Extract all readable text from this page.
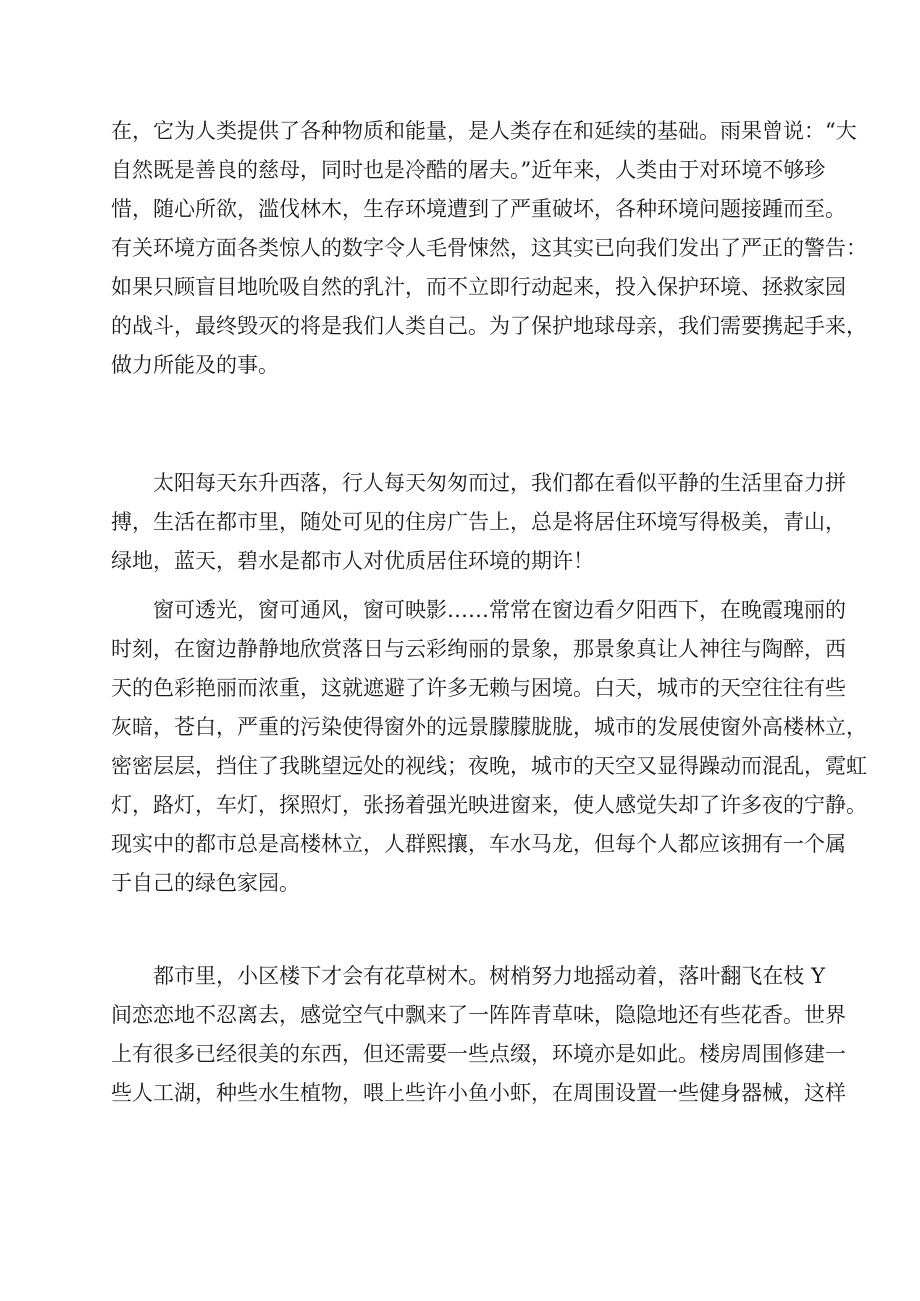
在，它为人类提供了各种物质和能量，是人类存在和延续的基础。雨果曾说：“大
自然既是善良的慈母，同时也是冷酷的屠夫。”近年来，人类由于对环境不够珍
惜，随心所欲，滥伐林木，生存环境遭到了严重破坏，各种环境问题接踵而至。
有关环境方面各类惊人的数字令人毛骨悚然，这其实已向我们发出了严正的警告：
如果只顾盲目地吮吸自然的乳汁，而不立即行动起来，投入保护环境、拯救家园
的战斗，最终毁灭的将是我们人类自己。为了保护地球母亲，我们需要携起手来，
做力所能及的事。
太阳每天东升西落，行人每天匆匆而过，我们都在看似平静的生活里奋力拼
搏，生活在都市里，随处可见的住房广告上，总是将居住环境写得极美，青山，
绿地，蓝天，碧水是都市人对优质居住环境的期许！
窗可透光，窗可通风，窗可映影……常常在窗边看夕阳西下，在晚霞瑰丽的
时刻，在窗边静静地欣赏落日与云彩绚丽的景象，那景象真让人神往与陶醉，西
天的色彩艳丽而浓重，这就遮避了许多无赖与困境。白天，城市的天空往往有些
灰暗，苍白，严重的污染使得窗外的远景朦朦胧胧，城市的发展使窗外高楼林立，
密密层层，挡住了我眺望远处的视线；夜晚，城市的天空又显得躁动而混乱，霓虹
灯，路灯，车灯，探照灯，张扬着强光映进窗来，使人感觉失却了许多夜的宁静。
现实中的都市总是高楼林立，人群熙攘，车水马龙，但每个人都应该拥有一个属
于自己的绿色家园。
都市里，小区楼下才会有花草树木。树梢努力地摇动着，落叶翻飞在枝 Y
间恋恋地不忍离去，感觉空气中飘来了一阵阵青草味，隐隐地还有些花香。世界
上有很多已经很美的东西，但还需要一些点缀，环境亦是如此。楼房周围修建一
些人工湖，种些水生植物，喂上些许小鱼小虾，在周围设置一些健身器械，这样
